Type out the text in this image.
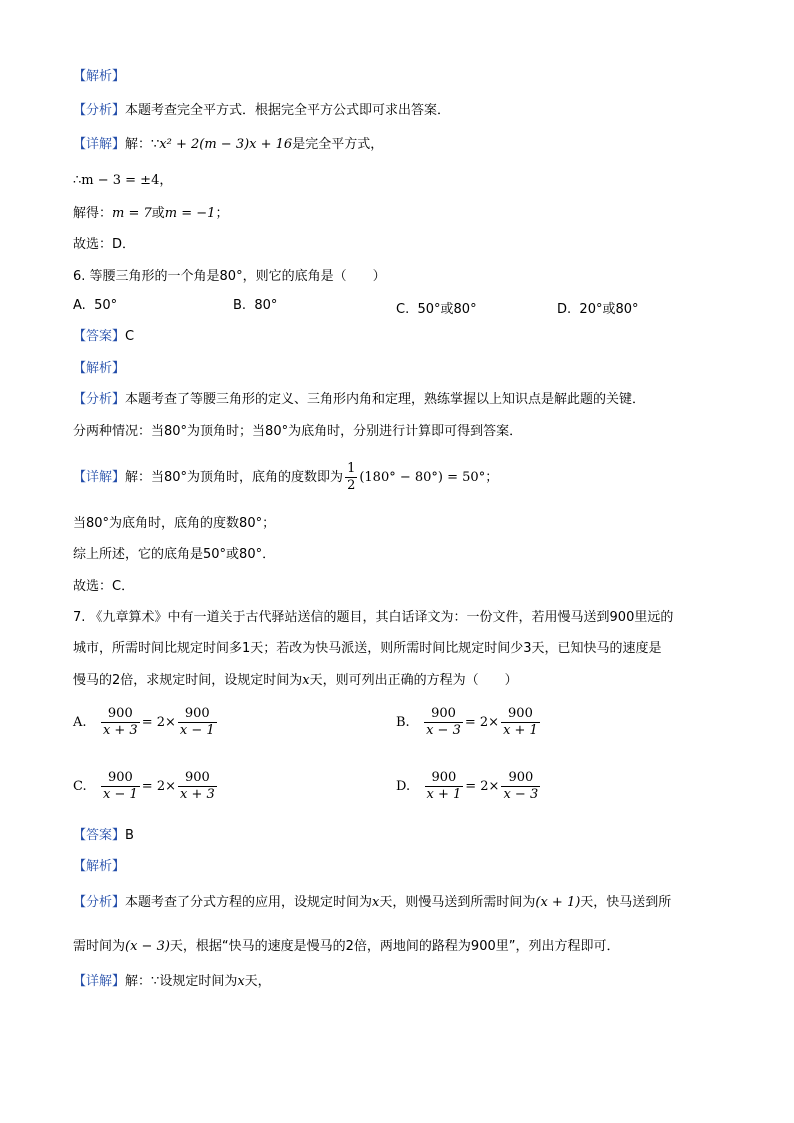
【解析】
【分析】本题考查完全平方式．根据完全平方公式即可求出答案．
【详解】解：∵x² + 2(m − 3)x + 16是完全平方式，
∴m − 3 = ±4，
解得：m = 7或m = −1；
故选：D．
6. 等腰三角形的一个角是80°，则它的底角是（　　）
A. 50°	B. 80°	C. 50°或80°	D. 20°或80°
【答案】C
【解析】
【分析】本题考查了等腰三角形的定义、三角形内角和定理，熟练掌握以上知识点是解此题的关键．
分两种情况：当80°为顶角时；当80°为底角时，分别进行计算即可得到答案．
【详解】解：当80°为顶角时，底角的度数即为 $\frac{1}{2} (180^\circ - 80^\circ) = 50^\circ$；
当80°为底角时，底角的度数80°；
综上所述，它的底角是50°或80°．
故选：C．
7. 《九章算术》中有一道关于古代驿站送信的题目，其白话译文为：一份文件，若用慢马送到900里远的
城市，所需时间比规定时间多1天；若改为快马派送，则所需时间比规定时间少3天，已知快马的速度是
慢马的2倍，求规定时间，设规定时间为x天，则可列出正确的方程为（　　）
A. $\frac{900}{x + 3} = 2\times \frac{900}{x - 1}$	B. $\frac{900}{x - 3} = 2\times \frac{900}{x + 1}$
C. $\frac{900}{x - 1} = 2\times \frac{900}{x + 3}$	D. $\frac{900}{x + 1} = 2\times \frac{900}{x - 3}$
【答案】B
【解析】
【分析】本题考查了分式方程的应用，设规定时间为x天，则慢马送到所需时间为(x + 1)天，快马送到所
需时间为(x − 3)天，根据“快马的速度是慢马的2倍，两地间的路程为900里”，列出方程即可．
【详解】解：∵设规定时间为x天，
